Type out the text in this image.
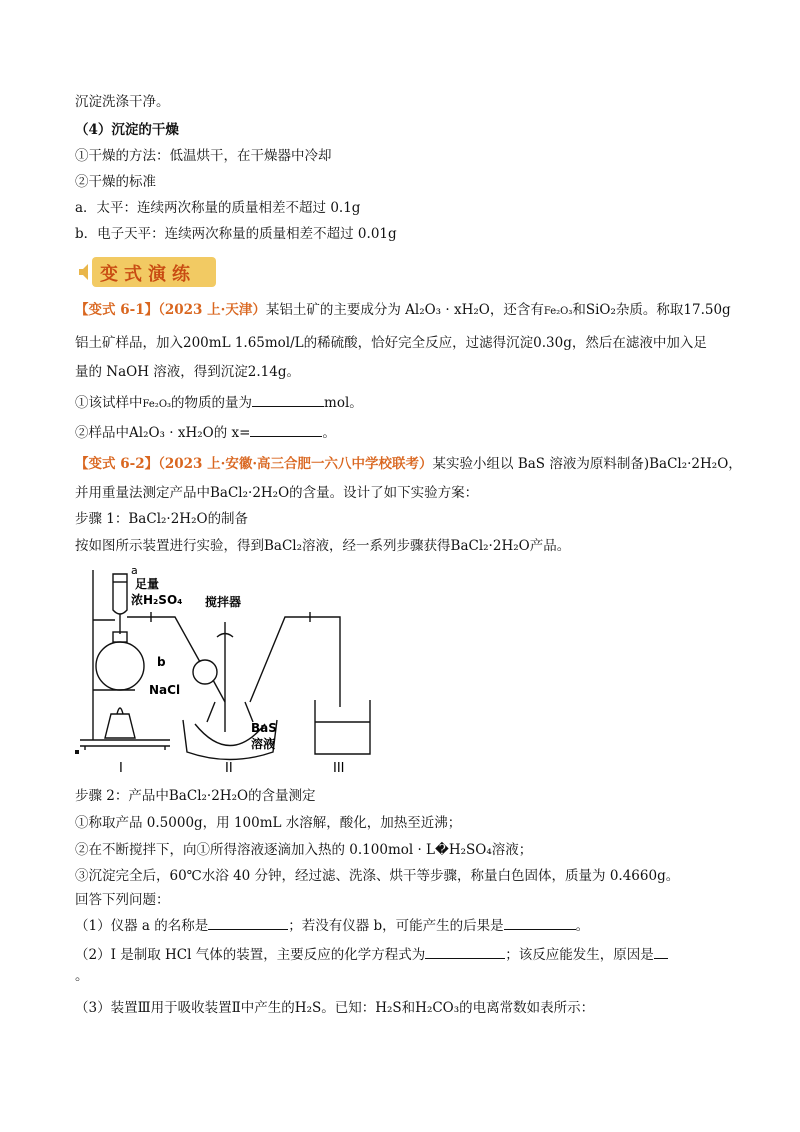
沉淀洗涤干净。
（4）沉淀的干燥
①干燥的方法：低温烘干，在干燥器中冷却
②干燥的标准
a．太平：连续两次称量的质量相差不超过 0.1g
b．电子天平：连续两次称量的质量相差不超过 0.01g
变式演练
【变式 6-1】（2023 上·天津）某铝土矿的主要成分为 Al₂O₃ · xH₂O，还含有Fe₂O₃和SiO₂杂质。称取17.50g
铝土矿样品，加入200mL 1.65mol/L的稀硫酸，恰好完全反应，过滤得沉淀0.30g，然后在滤液中加入足
量的 NaOH 溶液，得到沉淀2.14g。
①该试样中Fe₂O₃的物质的量为	mol。
②样品中Al₂O₃ · xH₂O的 x=	。
【变式 6-2】（2023 上·安徽·高三合肥一六八中学校联考）某实验小组以 BaS 溶液为原料制备)BaCl₂·2H₂O，
并用重量法测定产品中BaCl₂·2H₂O的含量。设计了如下实验方案：
步骤 1：BaCl₂·2H₂O的制备
按如图所示装置进行实验，得到BaCl₂溶液，经一系列步骤获得BaCl₂·2H₂O产品。
a
足量
浓H₂SO₄ 搅拌器
b
NaCl
BaS
溶液
I	II	III
步骤 2：产品中BaCl₂·2H₂O的含量测定
①称取产品 0.5000g，用 100mL 水溶解，酸化，加热至近沸；
②在不断搅拌下，向①所得溶液逐滴加入热的 0.100mol · L�H₂SO₄溶液；
③沉淀完全后，60℃水浴 40 分钟，经过滤、洗涤、烘干等步骤，称量白色固体，质量为 0.4660g。
回答下列问题：
（1）仪器 a 的名称是	；若没有仪器 b，可能产生的后果是	。
（2）I 是制取 HCl 气体的装置，主要反应的化学方程式为	；该反应能发生，原因是
。
（3）装置Ⅲ用于吸收装置Ⅱ中产生的H₂S。已知：H₂S和H₂CO₃的电离常数如表所示：
